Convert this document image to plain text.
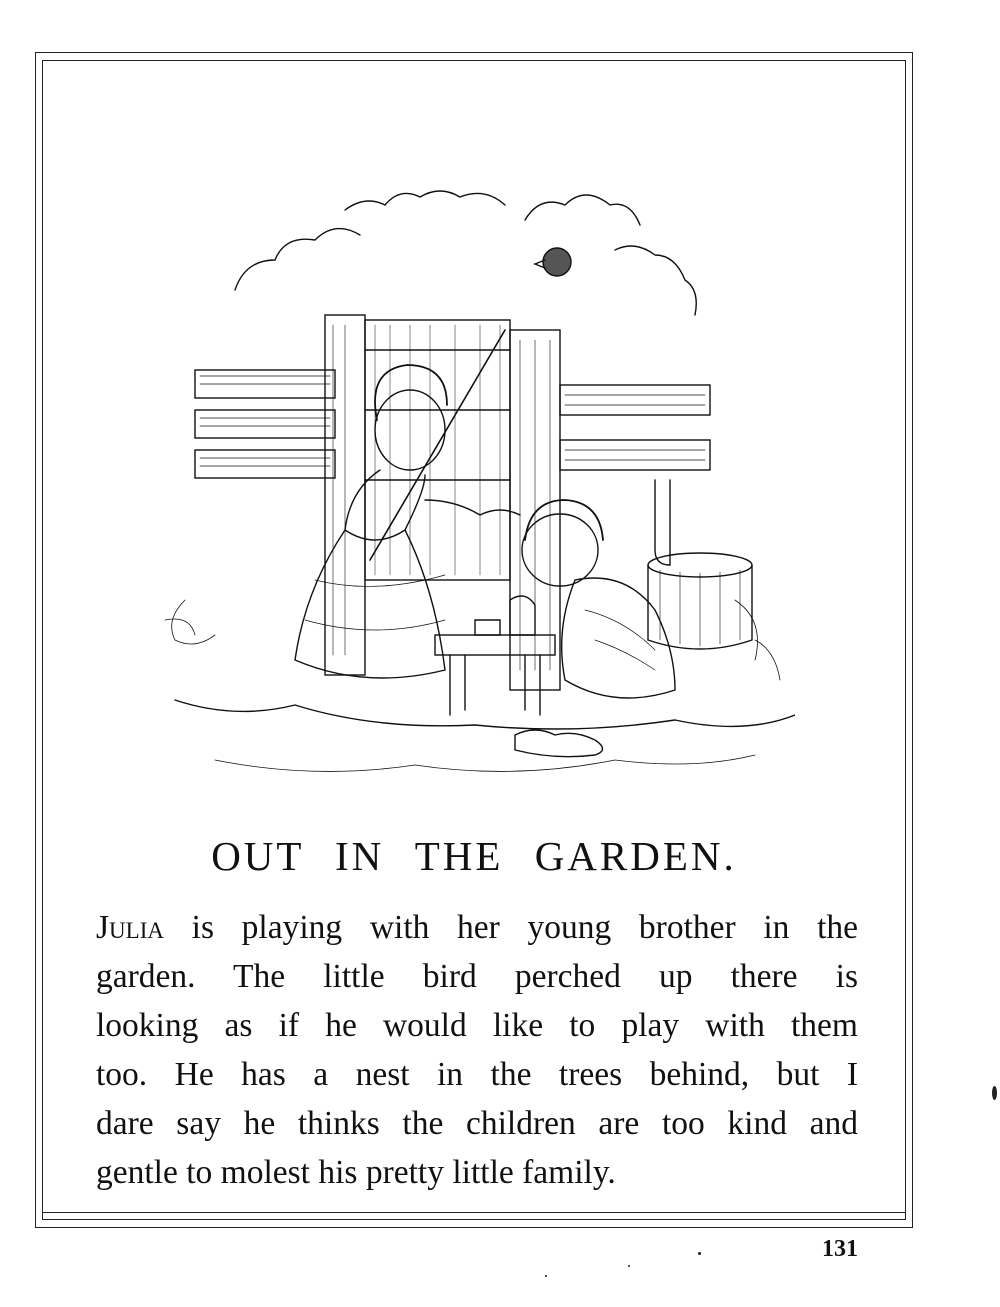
OUT IN THE GARDEN.
Julia is playing with her young brother in the
garden. The little bird perched up there is
looking as if he would like to play with them
too. He has a nest in the trees behind, but I
dare say he thinks the children are too kind and
gentle to molest his pretty little family.
131
